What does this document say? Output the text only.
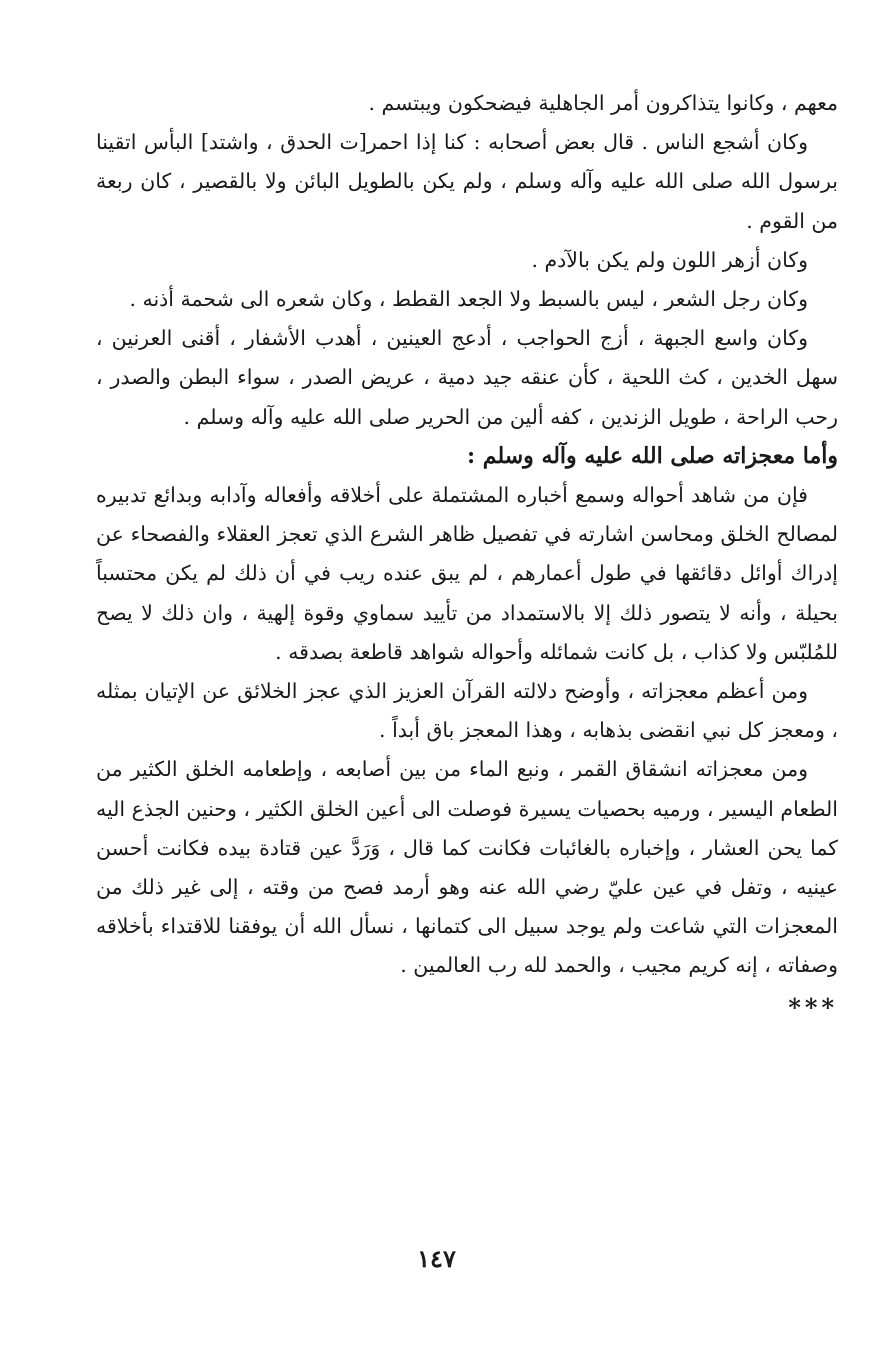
معهم ، وكانوا يتذاكرون أمر الجاهلية فيضحكون ويبتسم .

وكان أشجع الناس . قال بعض أصحابه : كنا إذا احمر[ت الحدق ، واشتد] البأس اتقينا برسول الله صلى الله عليه وآله وسلم ، ولم يكن بالطويل البائن ولا بالقصير ، كان ربعة من القوم .

وكان أزهر اللون ولم يكن بالآدم .

وكان رجل الشعر ، ليس بالسبط ولا الجعد القطط ، وكان شعره الى شحمة أذنه .

وكان واسع الجبهة ، أزج الحواجب ، أدعج العينين ، أهدب الأشفار ، أقنى العرنين ، سهل الخدين ، كث اللحية ، كأن عنقه جيد دمية ، عريض الصدر ، سواء البطن والصدر ، رحب الراحة ، طويل الزندين ، كفه ألين من الحرير صلى الله عليه وآله وسلم .

وأما معجزاته صلى الله عليه وآله وسلم :

فإن من شاهد أحواله وسمع أخباره المشتملة على أخلاقه وأفعاله وآدابه وبدائع تدبيره لمصالح الخلق ومحاسن اشارته في تفصيل ظاهر الشرع الذي تعجز العقلاء والفصحاء عن إدراك أوائل دقائقها في طول أعمارهم ، لم يبق عنده ريب في أن ذلك لم يكن محتسباً بحيلة ، وأنه لا يتصور ذلك إلا بالاستمداد من تأييد سماوي وقوة إلهية ، وان ذلك لا يصح للمُلبّس ولا كذاب ، بل كانت شمائله وأحواله شواهد قاطعة بصدقه .

ومن أعظم معجزاته ، وأوضح دلالته القرآن العزيز الذي عجز الخلائق عن الإتيان بمثله ، ومعجز كل نبي انقضى بذهابه ، وهذا المعجز باق أبداً .

ومن معجزاته انشقاق القمر ، ونبع الماء من بين أصابعه ، وإطعامه الخلق الكثير من الطعام اليسير ، ورميه بحصيات يسيرة فوصلت الى أعين الخلق الكثير ، وحنين الجذع اليه كما يحن العشار ، وإخباره بالغائبات فكانت كما قال ، وَرَدَّ عين قتادة بيده فكانت أحسن عينيه ، وتفل في عين عليّ رضي الله عنه وهو أرمد فصح من وقته ، إلى غير ذلك من المعجزات التي شاعت ولم يوجد سبيل الى كتمانها ، نسأل الله أن يوفقنا للاقتداء بأخلاقه وصفاته ، إنه كريم مجيب ، والحمد لله رب العالمين .

***
١٤٧
